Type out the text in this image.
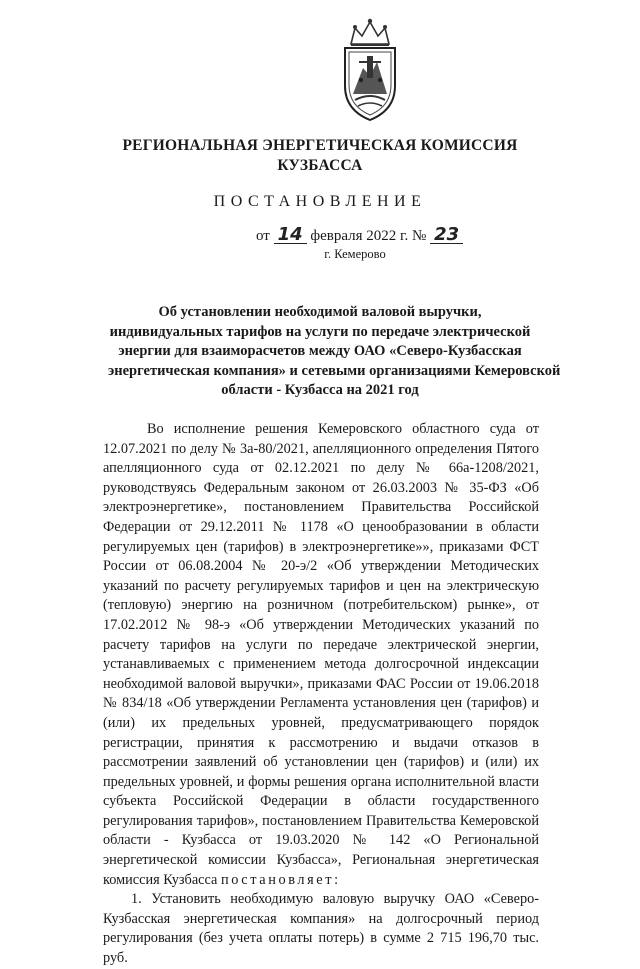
РЕГИОНАЛЬНАЯ ЭНЕРГЕТИЧЕСКАЯ КОМИССИЯ
КУЗБАССА
ПОСТАНОВЛЕНИЕ
от 14 февраля 2022 г. № 23
г. Кемерово
Об установлении необходимой валовой выручки,
индивидуальных тарифов на услуги по передаче электрической
энергии для взаиморасчетов между ОАО «Северо-Кузбасская
энергетическая компания» и сетевыми организациями Кемеровской
области - Кузбасса на 2021 год

Во исполнение решения Кемеровского областного суда от 12.07.2021 по делу № 3а-80/2021, апелляционного определения Пятого апелляционного суда от 02.12.2021 по делу № 66а-1208/2021, руководствуясь Федеральным законом от 26.03.2003 № 35-ФЗ «Об электроэнергетике», постановлением Правительства Российской Федерации от 29.12.2011 № 1178 «О ценообразовании в области регулируемых цен (тарифов) в электроэнергетике»», приказами ФСТ России от 06.08.2004 № 20-э/2 «Об утверждении Методических указаний по расчету регулируемых тарифов и цен на электрическую (тепловую) энергию на розничном (потребительском) рынке», от 17.02.2012 № 98-э «Об утверждении Методических указаний по расчету тарифов на услуги по передаче электрической энергии, устанавливаемых с применением метода долгосрочной индексации необходимой валовой выручки», приказами ФАС России от 19.06.2018 № 834/18 «Об утверждении Регламента установления цен (тарифов) и (или) их предельных уровней, предусматривающего порядок регистрации, принятия к рассмотрению и выдачи отказов в рассмотрении заявлений об установлении цен (тарифов) и (или) их предельных уровней, и формы решения органа исполнительной власти субъекта Российской Федерации в области государственного регулирования тарифов», постановлением Правительства Кемеровской области - Кузбасса от 19.03.2020 № 142 «О Региональной энергетической комиссии Кузбасса», Региональная энергетическая комиссия Кузбасса постановляет:

1. Установить необходимую валовую выручку ОАО «Северо-Кузбасская энергетическая компания» на долгосрочный период регулирования (без учета оплаты потерь) в сумме 2 715 196,70 тыс. руб.
